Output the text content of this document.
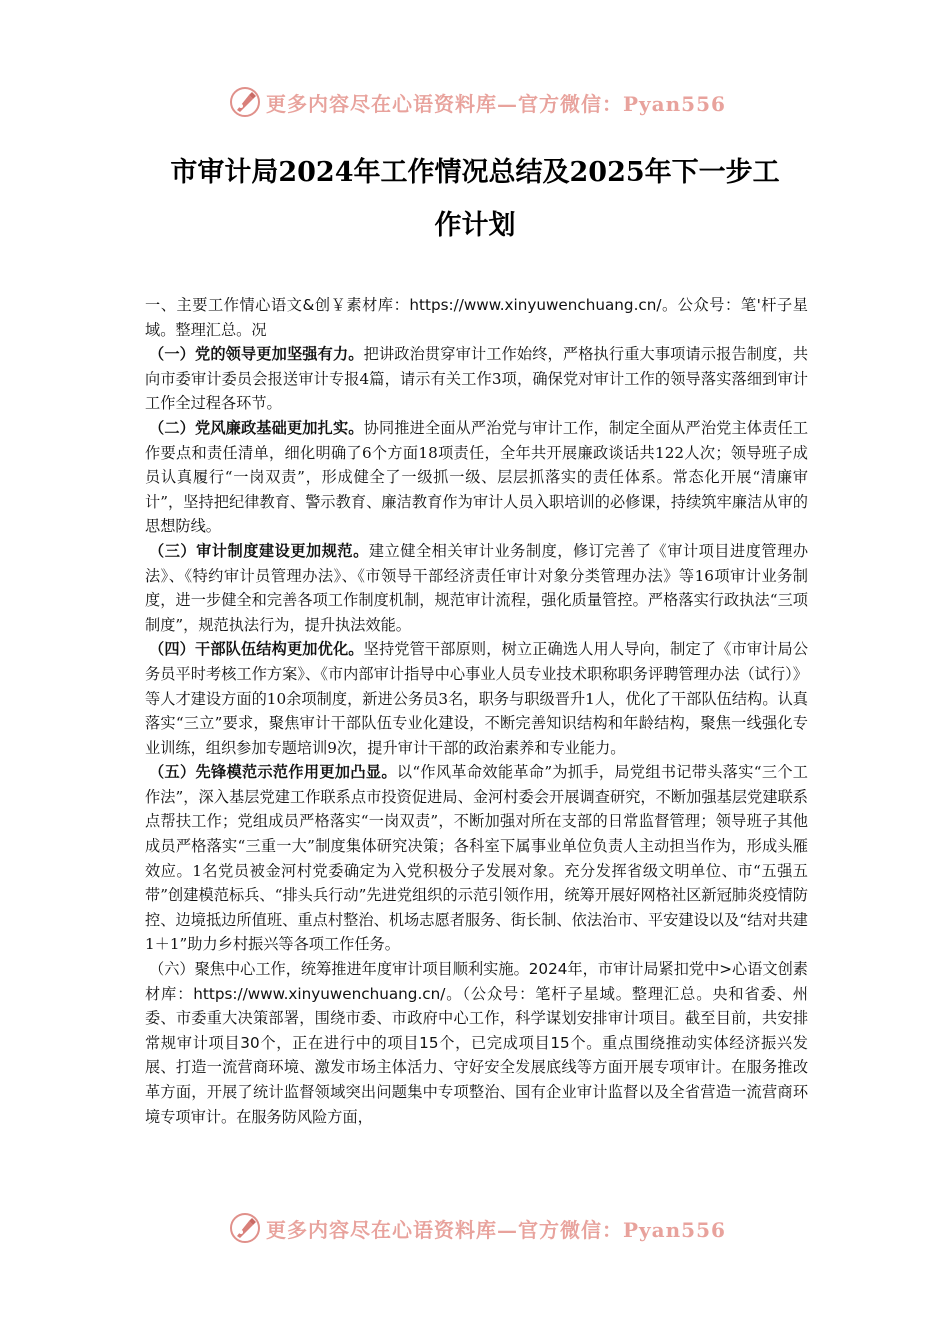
更多内容尽在心语资料库—官方微信：Pyan556
市审计局2024年工作情况总结及2025年下一步工
作计划

一、主要工作情心语文&创￥素材库：https://www.xinyuwenchuang.cn/。公众号：笔'杆子星域。整理汇总。况

（一）党的领导更加坚强有力。把讲政治贯穿审计工作始终，严格执行重大事项请示报告制度，共向市委审计委员会报送审计专报4篇，请示有关工作3项，确保党对审计工作的领导落实落细到审计工作全过程各环节。

（二）党风廉政基础更加扎实。协同推进全面从严治党与审计工作，制定全面从严治党主体责任工作要点和责任清单，细化明确了6个方面18项责任，全年共开展廉政谈话共122人次；领导班子成员认真履行“一岗双责”，形成健全了一级抓一级、层层抓落实的责任体系。常态化开展“清廉审计”，坚持把纪律教育、警示教育、廉洁教育作为审计人员入职培训的必修课，持续筑牢廉洁从审的思想防线。

（三）审计制度建设更加规范。建立健全相关审计业务制度，修订完善了《审计项目进度管理办法》、《特约审计员管理办法》、《市领导干部经济责任审计对象分类管理办法》等16项审计业务制度，进一步健全和完善各项工作制度机制，规范审计流程，强化质量管控。严格落实行政执法“三项制度”，规范执法行为，提升执法效能。

（四）干部队伍结构更加优化。坚持党管干部原则，树立正确选人用人导向，制定了《市审计局公务员平时考核工作方案》、《市内部审计指导中心事业人员专业技术职称职务评聘管理办法（试行）》等人才建设方面的10余项制度，新进公务员3名，职务与职级晋升1人，优化了干部队伍结构。认真落实“三立”要求，聚焦审计干部队伍专业化建设，不断完善知识结构和年龄结构，聚焦一线强化专业训练，组织参加专题培训9次，提升审计干部的政治素养和专业能力。

（五）先锋模范示范作用更加凸显。以“作风革命效能革命”为抓手，局党组书记带头落实“三个工作法”，深入基层党建工作联系点市投资促进局、金河村委会开展调查研究，不断加强基层党建联系点帮扶工作；党组成员严格落实“一岗双责”，不断加强对所在支部的日常监督管理；领导班子其他成员严格落实“三重一大”制度集体研究决策；各科室下属事业单位负责人主动担当作为，形成头雁效应。1名党员被金河村党委确定为入党积极分子发展对象。充分发挥省级文明单位、市“五强五带”创建模范标兵、“排头兵行动”先进党组织的示范引领作用，统筹开展好网格社区新冠肺炎疫情防控、边境抵边所值班、重点村整治、机场志愿者服务、街长制、依法治市、平安建设以及“结对共建1＋1”助力乡村振兴等各项工作任务。

（六）聚焦中心工作，统筹推进年度审计项目顺利实施。2024年，市审计局紧扣党中>心语文创素材库：https://www.xinyuwenchuang.cn/。（公众号：笔杆子星域。整理汇总。央和省委、州委、市委重大决策部署，围绕市委、市政府中心工作，科学谋划安排审计项目。截至目前，共安排常规审计项目30个，正在进行中的项目15个，已完成项目15个。重点围绕推动实体经济振兴发展、打造一流营商环境、激发市场主体活力、守好安全发展底线等方面开展专项审计。在服务推改革方面，开展了统计监督领域突出问题集中专项整治、国有企业审计监督以及全省营造一流营商环境专项审计。在服务防风险方面，

更多内容尽在心语资料库—官方微信：Pyan556
